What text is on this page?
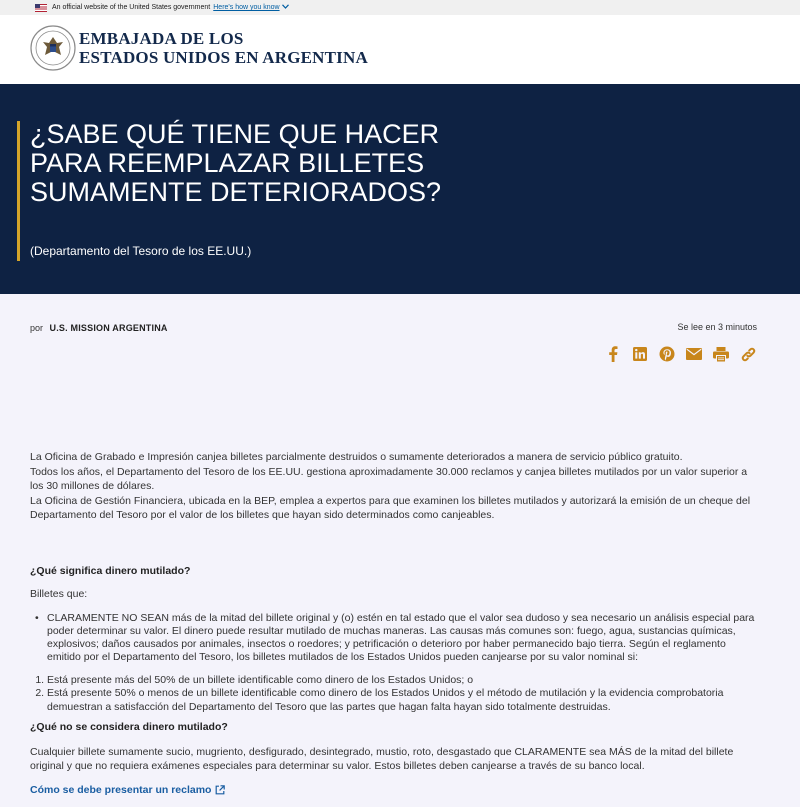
An official website of the United States government Here's how you know
EMBAJADA DE LOS
ESTADOS UNIDOS EN ARGENTINA
¿SABE QUÉ TIENE QUE HACER PARA REEMPLAZAR BILLETES SUMAMENTE DETERIORADOS?
(Departamento del Tesoro de los EE.UU.)
por U.S. MISSION ARGENTINA	Se lee en 3 minutos

La Oficina de Grabado e Impresión canjea billetes parcialmente destruidos o sumamente deteriorados a manera de servicio público gratuito.

Todos los años, el Departamento del Tesoro de los EE.UU. gestiona aproximadamente 30.000 reclamos y canjea billetes mutilados por un valor superior a los 30 millones de dólares.

La Oficina de Gestión Financiera, ubicada en la BEP, emplea a expertos para que examinen los billetes mutilados y autorizará la emisión de un cheque del Departamento del Tesoro por el valor de los billetes que hayan sido determinados como canjeables.

¿Qué significa dinero mutilado?

Billetes que:

• CLARAMENTE NO SEAN más de la mitad del billete original y (o) estén en tal estado que el valor sea dudoso y sea necesario un análisis especial para poder determinar su valor. El dinero puede resultar mutilado de muchas maneras. Las causas más comunes son: fuego, agua, sustancias químicas, explosivos; daños causados por animales, insectos o roedores; y petrificación o deterioro por haber permanecido bajo tierra. Según el reglamento emitido por el Departamento del Tesoro, los billetes mutilados de los Estados Unidos pueden canjearse por su valor nominal si:
1. Está presente más del 50% de un billete identificable como dinero de los Estados Unidos; o
2. Está presente 50% o menos de un billete identificable como dinero de los Estados Unidos y el método de mutilación y la evidencia comprobatoria demuestran a satisfacción del Departamento del Tesoro que las partes que hagan falta hayan sido totalmente destruidas.

¿Qué no se considera dinero mutilado?

Cualquier billete sumamente sucio, mugriento, desfigurado, desintegrado, mustio, roto, desgastado que CLARAMENTE sea MÁS de la mitad del billete original y que no requiera exámenes especiales para determinar su valor. Estos billetes deben canjearse a través de su banco local.

Cómo se debe presentar un reclamo
